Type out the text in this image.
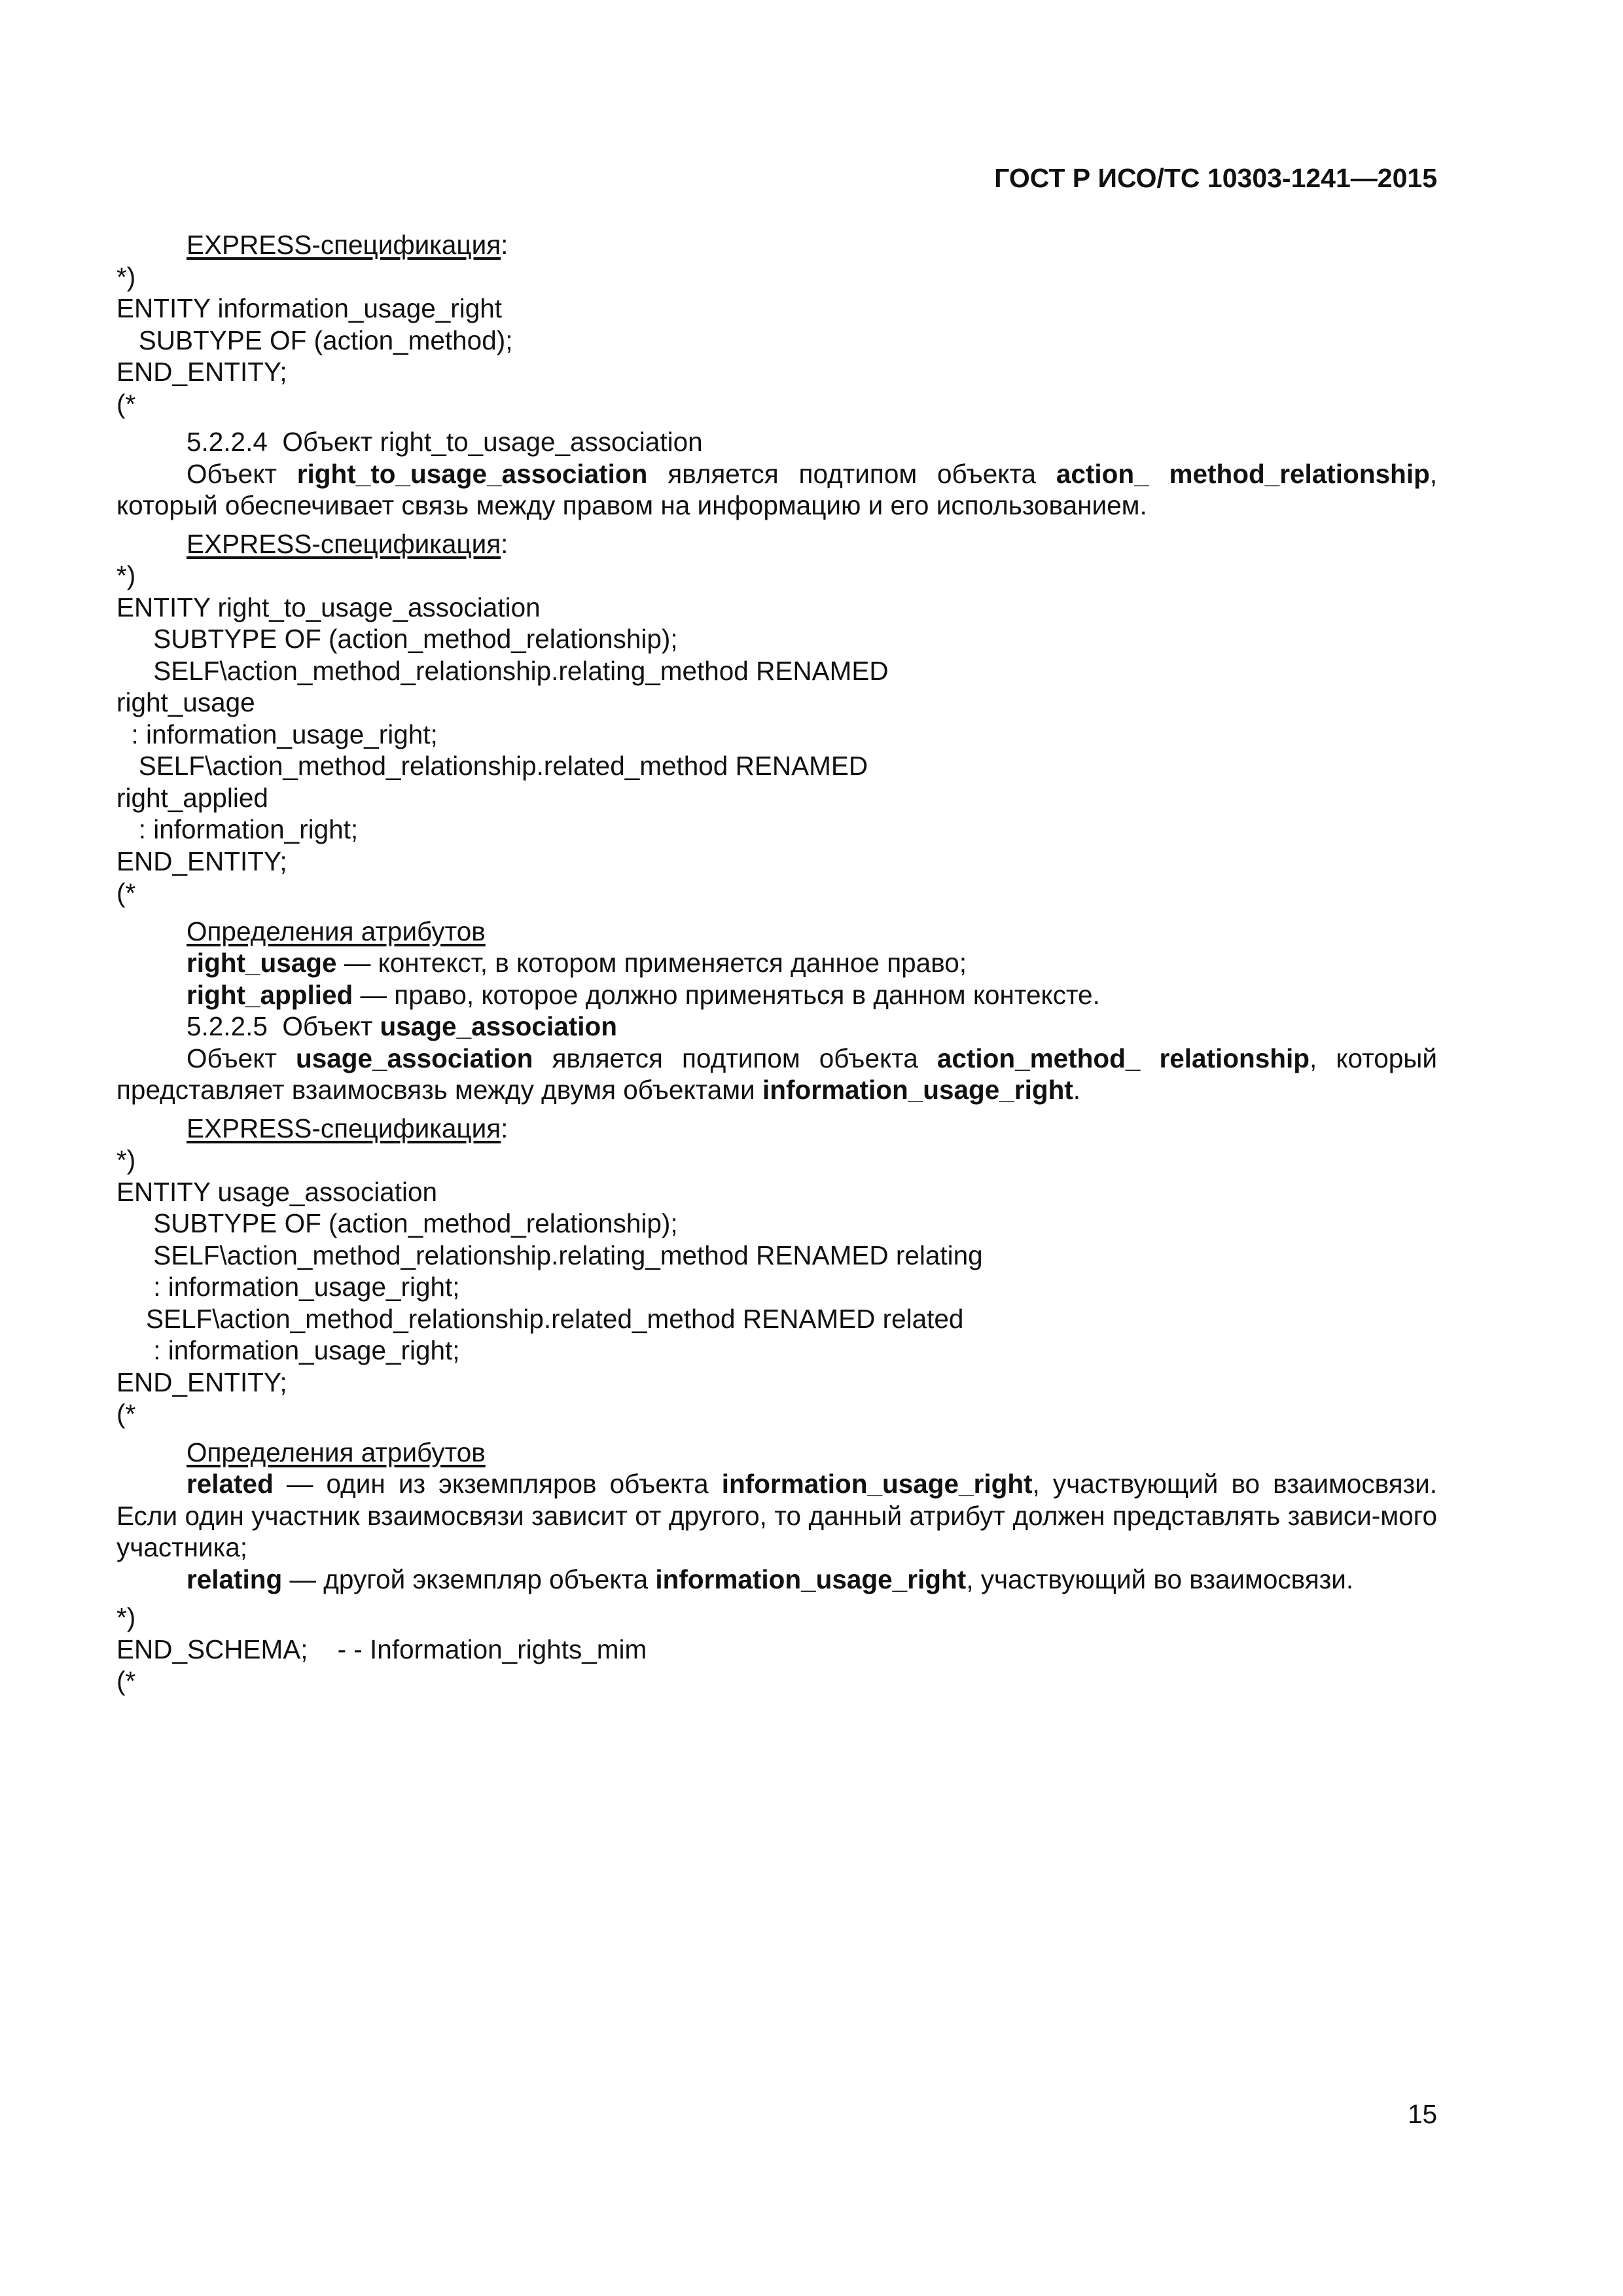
ГОСТ Р ИСО/ТС 10303-1241—2015
EXPRESS-спецификация:
*)
ENTITY information_usage_right
SUBTYPE OF (action_method);
END_ENTITY;
(*
5.2.2.4  Объект right_to_usage_association
Объект right_to_usage_association является подтипом объекта action_ method_relationship, который обеспечивает связь между правом на информацию и его использованием.
EXPRESS-спецификация:
*)
ENTITY right_to_usage_association
SUBTYPE OF (action_method_relationship);
SELF\action_method_relationship.relating_method RENAMED
right_usage
: information_usage_right;
SELF\action_method_relationship.related_method RENAMED
right_applied
: information_right;
END_ENTITY;
(*
Определения атрибутов
right_usage — контекст, в котором применяется данное право;
right_applied — право, которое должно применяться в данном контексте.
5.2.2.5  Объект usage_association
Объект usage_association является подтипом объекта action_method_ relationship, который представляет взаимосвязь между двумя объектами information_usage_right.
EXPRESS-спецификация:
*)
ENTITY usage_association
SUBTYPE OF (action_method_relationship);
SELF\action_method_relationship.relating_method RENAMED relating
: information_usage_right;
SELF\action_method_relationship.related_method RENAMED related
: information_usage_right;
END_ENTITY;
(*
Определения атрибутов
related — один из экземпляров объекта information_usage_right, участвующий во взаимосвязи. Если один участник взаимосвязи зависит от другого, то данный атрибут должен представлять зависи-мого участника;
relating — другой экземпляр объекта information_usage_right, участвующий во взаимосвязи.
*)
END_SCHEMA;    - - Information_rights_mim
(*
15
